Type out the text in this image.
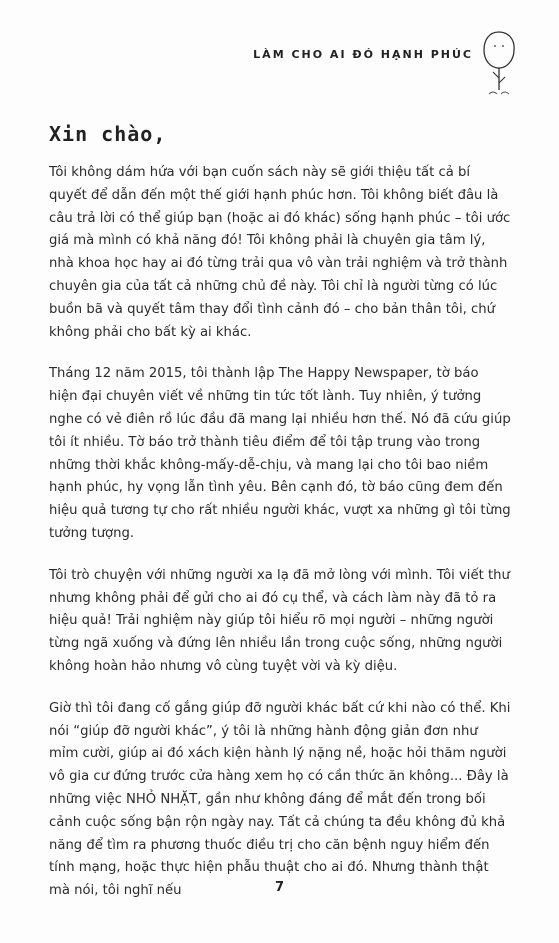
LÀM CHO AI ĐÓ HẠNH PHÚC
Xin chào,

Tôi không dám hứa với bạn cuốn sách này sẽ giới thiệu tất cả bí quyết để dẫn đến một thế giới hạnh phúc hơn. Tôi không biết đâu là câu trả lời có thể giúp bạn (hoặc ai đó khác) sống hạnh phúc – tôi ước giá mà mình có khả năng đó! Tôi không phải là chuyên gia tâm lý, nhà khoa học hay ai đó từng trải qua vô vàn trải nghiệm và trở thành chuyên gia của tất cả những chủ đề này. Tôi chỉ là người từng có lúc buồn bã và quyết tâm thay đổi tình cảnh đó – cho bản thân tôi, chứ không phải cho bất kỳ ai khác.

Tháng 12 năm 2015, tôi thành lập The Happy Newspaper, tờ báo hiện đại chuyên viết về những tin tức tốt lành. Tuy nhiên, ý tưởng nghe có vẻ điên rồ lúc đầu đã mang lại nhiều hơn thế. Nó đã cứu giúp tôi ít nhiều. Tờ báo trở thành tiêu điểm để tôi tập trung vào trong những thời khắc không-mấy-dễ-chịu, và mang lại cho tôi bao niềm hạnh phúc, hy vọng lẫn tình yêu. Bên cạnh đó, tờ báo cũng đem đến hiệu quả tương tự cho rất nhiều người khác, vượt xa những gì tôi từng tưởng tượng.

Tôi trò chuyện với những người xa lạ đã mở lòng với mình. Tôi viết thư nhưng không phải để gửi cho ai đó cụ thể, và cách làm này đã tỏ ra hiệu quả! Trải nghiệm này giúp tôi hiểu rõ mọi người – những người từng ngã xuống và đứng lên nhiều lần trong cuộc sống, những người không hoàn hảo nhưng vô cùng tuyệt vời và kỳ diệu.

Giờ thì tôi đang cố gắng giúp đỡ người khác bất cứ khi nào có thể. Khi nói “giúp đỡ người khác”, ý tôi là những hành động giản đơn như mỉm cười, giúp ai đó xách kiện hành lý nặng nề, hoặc hỏi thăm người vô gia cư đứng trước cửa hàng xem họ có cần thức ăn không... Đây là những việc NHỎ NHẶT, gần như không đáng để mắt đến trong bối cảnh cuộc sống bận rộn ngày nay. Tất cả chúng ta đều không đủ khả năng để tìm ra phương thuốc điều trị cho căn bệnh nguy hiểm đến tính mạng, hoặc thực hiện phẫu thuật cho ai đó. Nhưng thành thật mà nói, tôi nghĩ nếu	7
